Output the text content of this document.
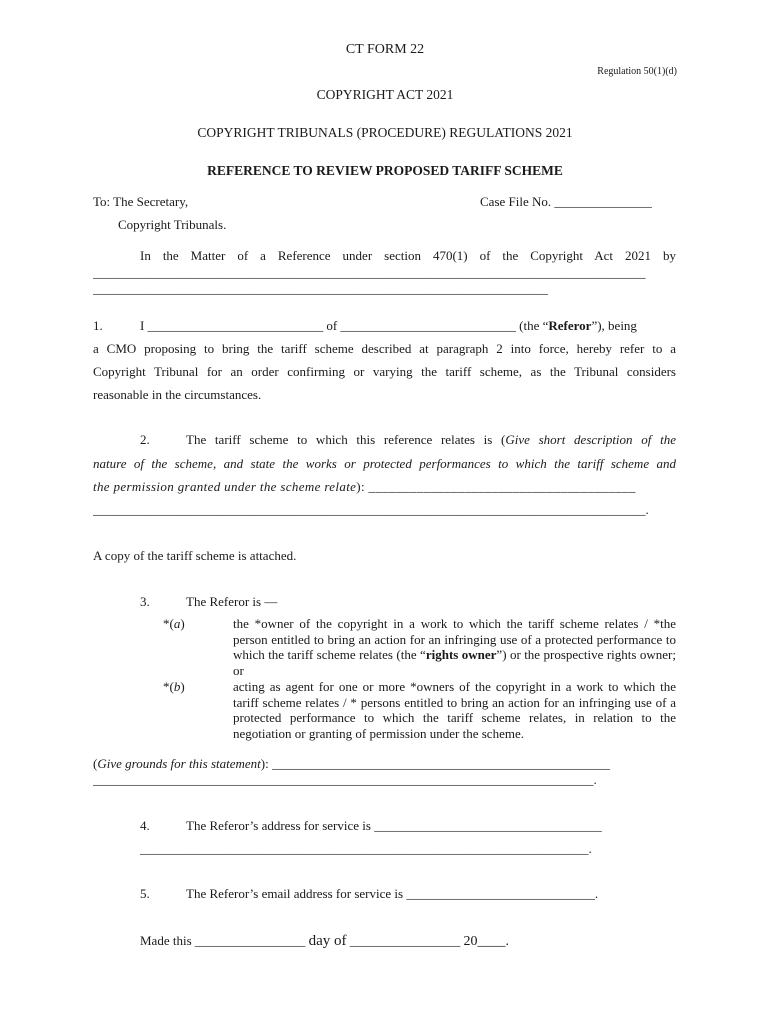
CT FORM 22
Regulation 50(1)(d)
COPYRIGHT ACT 2021
COPYRIGHT TRIBUNALS (PROCEDURE) REGULATIONS 2021
REFERENCE TO REVIEW PROPOSED TARIFF SCHEME
To: The Secretary,	Case File No. _______________
Copyright Tribunals.
In the Matter of a Reference under section 470(1) of the Copyright Act 2021 by
_____________________________________________________________________________________
______________________________________________________________________
1.	I ___________________________ of ___________________________ (the “Referor”), being
a CMO proposing to bring the tariff scheme described at paragraph 2 into force, hereby refer to a
Copyright Tribunal for an order confirming or varying the tariff scheme, as the Tribunal considers
reasonable in the circumstances.
2.	The tariff scheme to which this reference relates is (Give short description of the
nature of the scheme, and state the works or protected performances to which the tariff scheme and
the permission granted under the scheme relate): _______________________________________
_____________________________________________________________________________________.
A copy of the tariff scheme is attached.
3.	The Referor is —
*(a)	the *owner of the copyright in a work to which the tariff scheme relates / *the person entitled to bring an action for an infringing use of a protected performance to which the tariff scheme relates (the “rights owner”) or the prospective rights owner; or
*(b)	acting as agent for one or more *owners of the copyright in a work to which the tariff scheme relates / * persons entitled to bring an action for an infringing use of a protected performance to which the tariff scheme relates, in relation to the negotiation or granting of permission under the scheme.
(Give grounds for this statement): ____________________________________________________
_____________________________________________________________________________.
4.	The Referor’s address for service is ___________________________________
_____________________________________________________________________.
5.	The Referor’s email address for service is _____________________________.
Made this _________________ day of _________________ 20____.
